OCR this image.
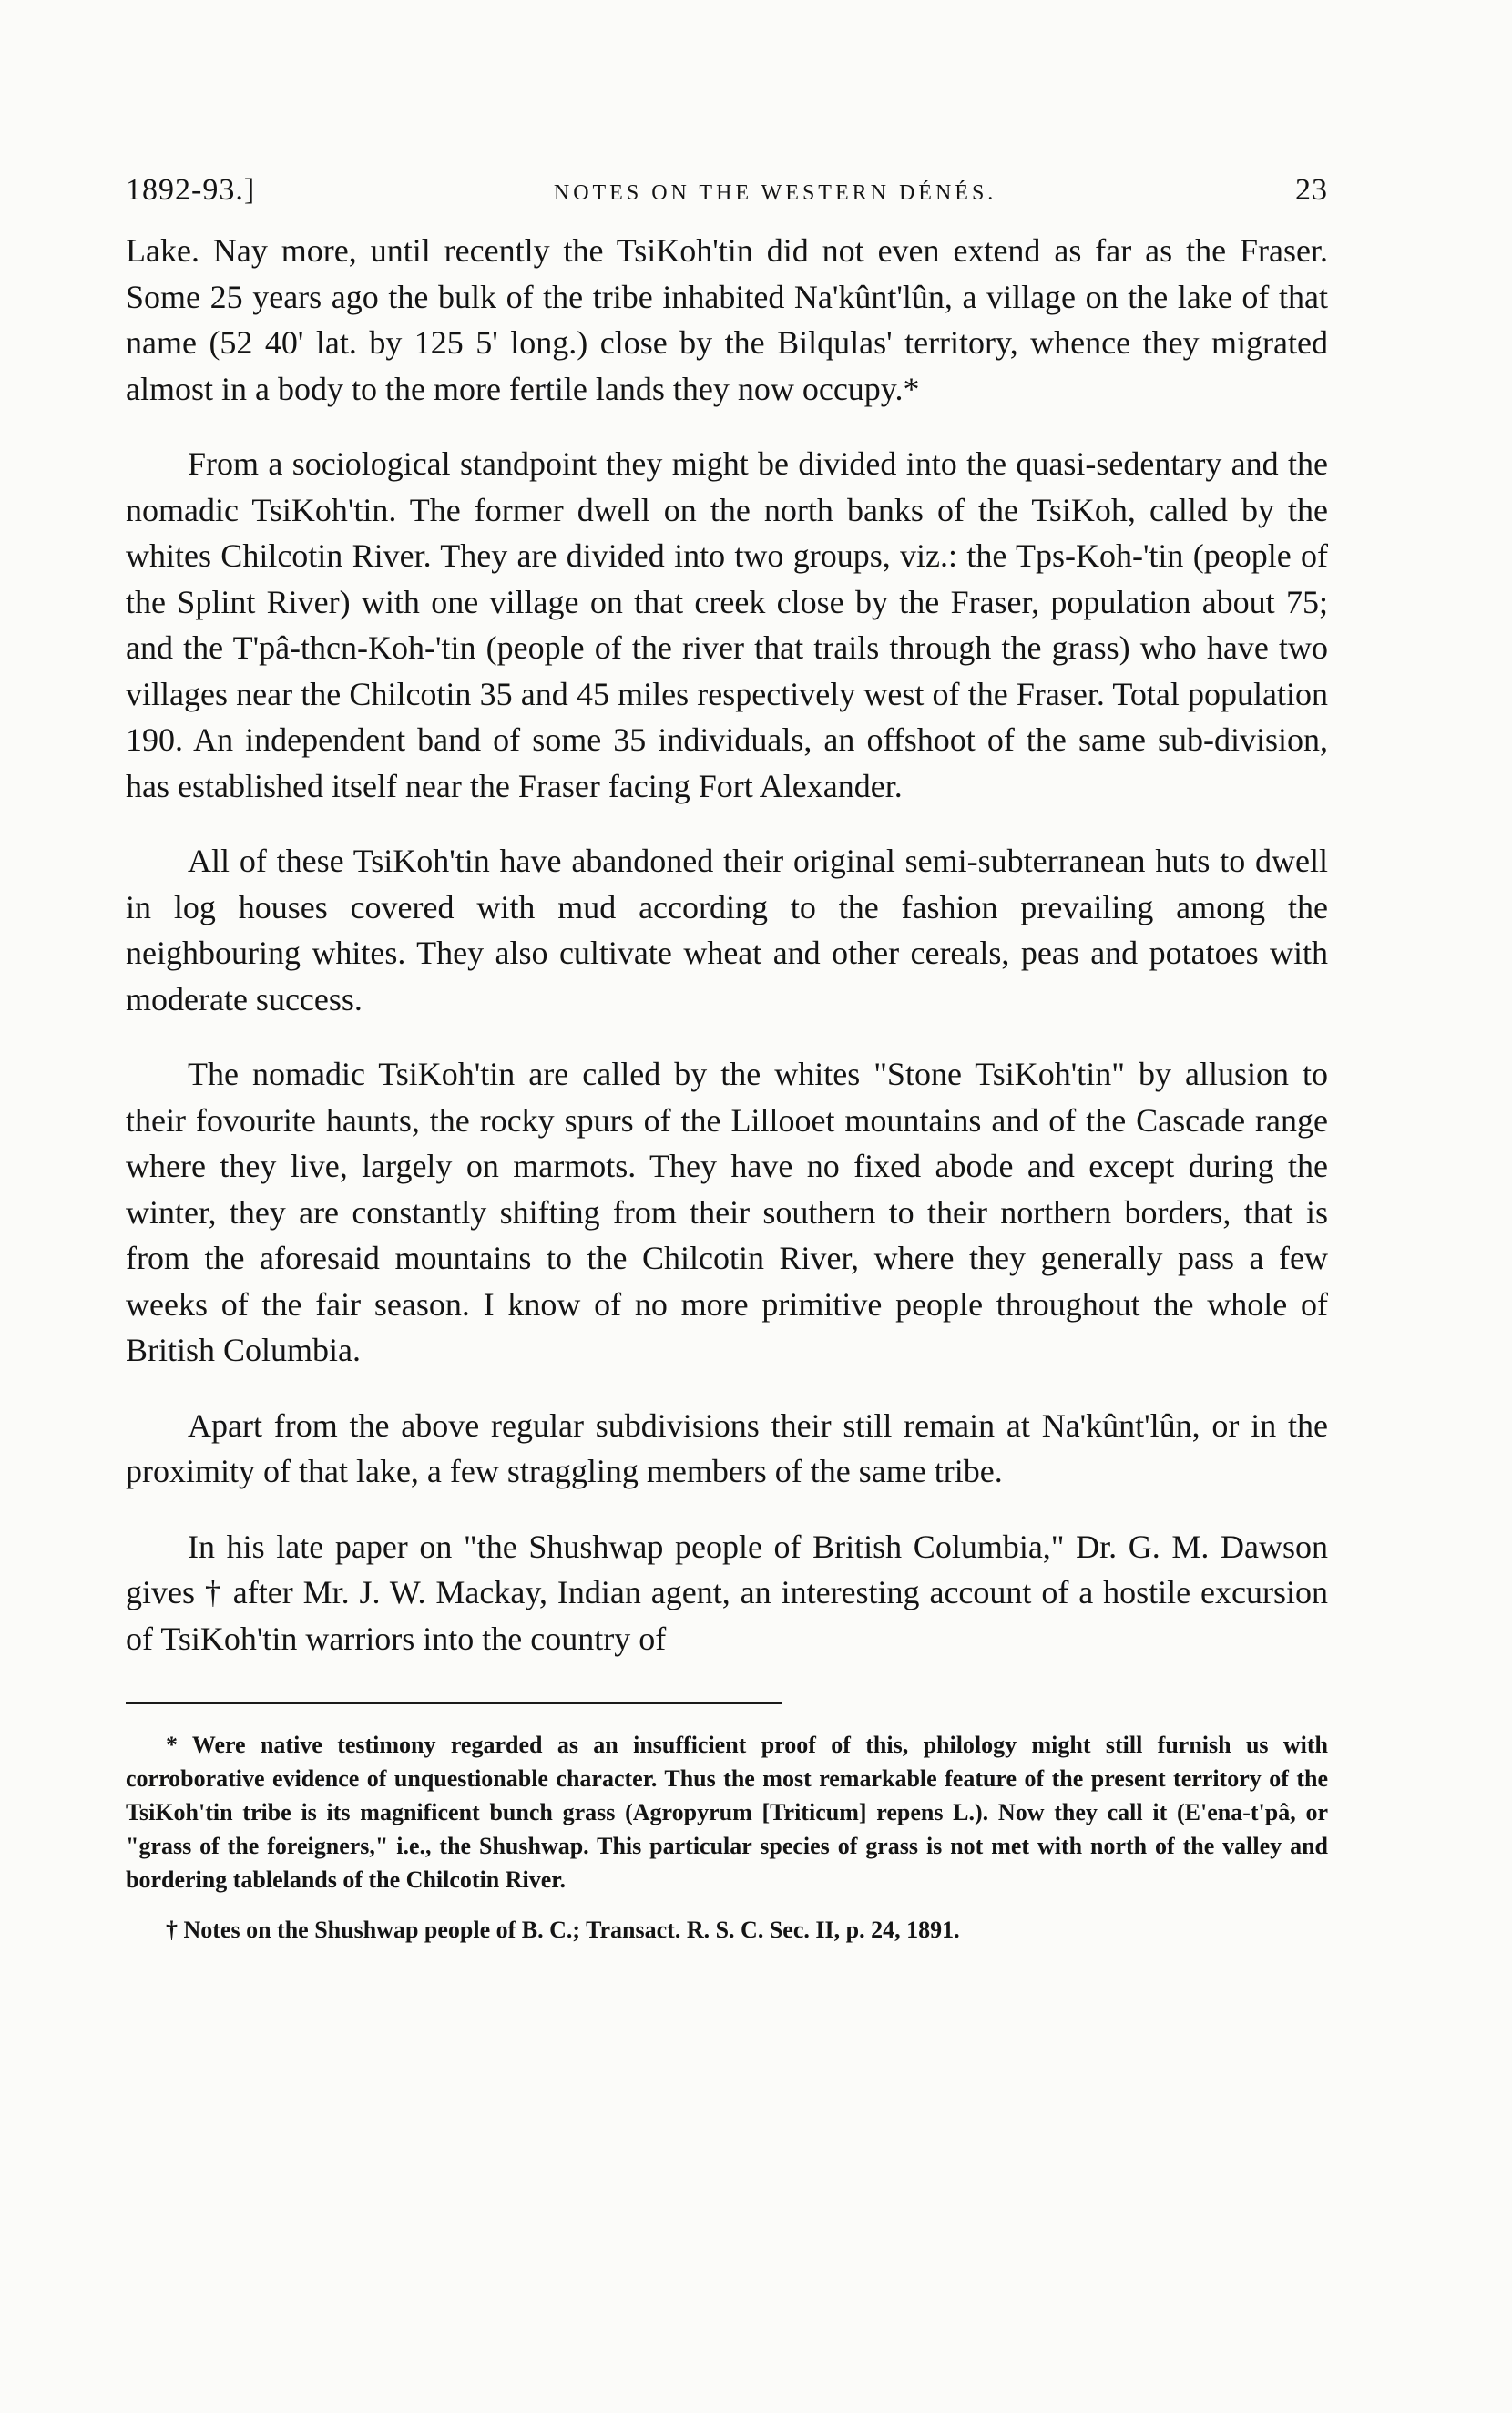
1892-93.]	NOTES ON THE WESTERN DÉNÉS.	23

Lake. Nay more, until recently the TsiKoh'tin did not even extend as far as the Fraser. Some 25 years ago the bulk of the tribe inhabited Na'kûnt'lûn, a village on the lake of that name (52 40' lat. by 125 5' long.) close by the Bilqulas' territory, whence they migrated almost in a body to the more fertile lands they now occupy.*

From a sociological standpoint they might be divided into the quasi-sedentary and the nomadic TsiKoh'tin. The former dwell on the north banks of the TsiKoh, called by the whites Chilcotin River. They are divided into two groups, viz.: the Tps-Koh-'tin (people of the Splint River) with one village on that creek close by the Fraser, population about 75; and the T'pâ-thcn-Koh-'tin (people of the river that trails through the grass) who have two villages near the Chilcotin 35 and 45 miles respectively west of the Fraser. Total population 190. An independent band of some 35 individuals, an offshoot of the same sub-division, has established itself near the Fraser facing Fort Alexander.

All of these TsiKoh'tin have abandoned their original semi-subterranean huts to dwell in log houses covered with mud according to the fashion prevailing among the neighbouring whites. They also cultivate wheat and other cereals, peas and potatoes with moderate success.

The nomadic TsiKoh'tin are called by the whites "Stone TsiKoh'tin" by allusion to their fovourite haunts, the rocky spurs of the Lillooet mountains and of the Cascade range where they live, largely on marmots. They have no fixed abode and except during the winter, they are constantly shifting from their southern to their northern borders, that is from the aforesaid mountains to the Chilcotin River, where they generally pass a few weeks of the fair season. I know of no more primitive people throughout the whole of British Columbia.

Apart from the above regular subdivisions their still remain at Na'kûnt'lûn, or in the proximity of that lake, a few straggling members of the same tribe.

In his late paper on "the Shushwap people of British Columbia," Dr. G. M. Dawson gives † after Mr. J. W. Mackay, Indian agent, an interesting account of a hostile excursion of TsiKoh'tin warriors into the country of

* Were native testimony regarded as an insufficient proof of this, philology might still furnish us with corroborative evidence of unquestionable character. Thus the most remarkable feature of the present territory of the TsiKoh'tin tribe is its magnificent bunch grass (Agropyrum [Triticum] repens L.). Now they call it (E'ena-t'pâ, or "grass of the foreigners," i.e., the Shushwap. This particular species of grass is not met with north of the valley and bordering tablelands of the Chilcotin River.

† Notes on the Shushwap people of B. C.; Transact. R. S. C. Sec. II, p. 24, 1891.
